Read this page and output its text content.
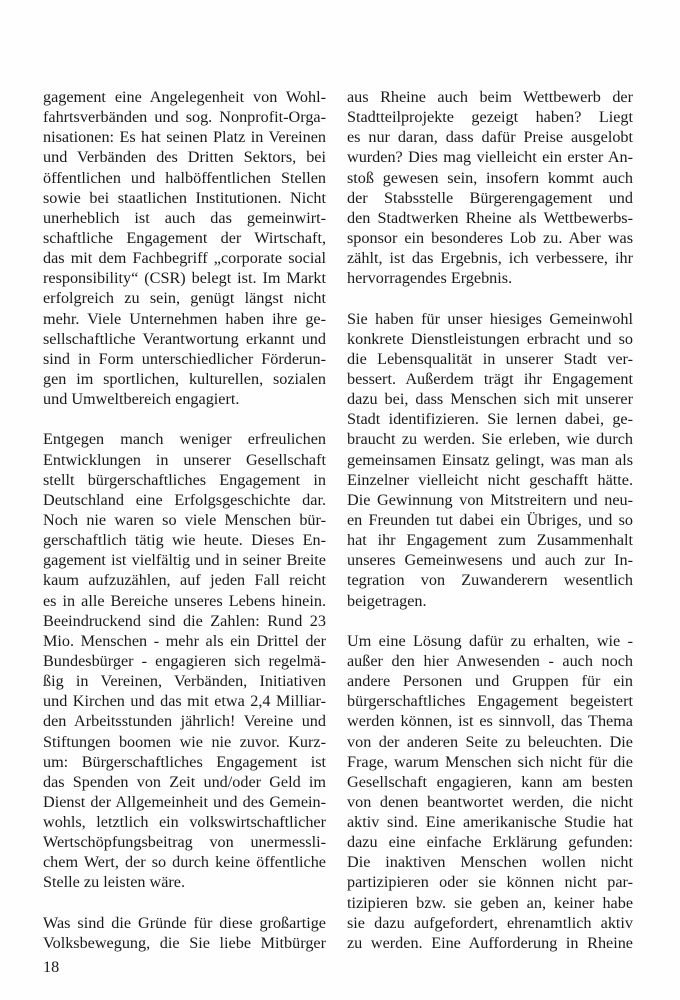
gagement eine Angelegenheit von Wohl-
fahrtsverbänden und sog. Nonprofit-Orga-
nisationen: Es hat seinen Platz in Vereinen
und Verbänden des Dritten Sektors, bei
öffentlichen und halböffentlichen Stellen
sowie bei staatlichen Institutionen. Nicht
unerheblich ist auch das gemeinwirt-
schaftliche Engagement der Wirtschaft,
das mit dem Fachbegriff „corporate social
responsibility“ (CSR) belegt ist. Im Markt
erfolgreich zu sein, genügt längst nicht
mehr. Viele Unternehmen haben ihre ge-
sellschaftliche Verantwortung erkannt und
sind in Form unterschiedlicher Förderun-
gen im sportlichen, kulturellen, sozialen
und Umweltbereich engagiert.
Entgegen manch weniger erfreulichen
Entwicklungen in unserer Gesellschaft
stellt bürgerschaftliches Engagement in
Deutschland eine Erfolgsgeschichte dar.
Noch nie waren so viele Menschen bür-
gerschaftlich tätig wie heute. Dieses En-
gagement ist vielfältig und in seiner Breite
kaum aufzuzählen, auf jeden Fall reicht
es in alle Bereiche unseres Lebens hinein.
Beeindruckend sind die Zahlen: Rund 23
Mio. Menschen - mehr als ein Drittel der
Bundesbürger - engagieren sich regelmä-
ßig in Vereinen, Verbänden, Initiativen
und Kirchen und das mit etwa 2,4 Milliar-
den Arbeitsstunden jährlich! Vereine und
Stiftungen boomen wie nie zuvor. Kurz-
um: Bürgerschaftliches Engagement ist
das Spenden von Zeit und/oder Geld im
Dienst der Allgemeinheit und des Gemein-
wohls, letztlich ein volkswirtschaftlicher
Wertschöpfungsbeitrag von unermessli-
chem Wert, der so durch keine öffentliche
Stelle zu leisten wäre.
Was sind die Gründe für diese großartige
Volksbewegung, die Sie liebe Mitbürger
aus Rheine auch beim Wettbewerb der
Stadtteilprojekte gezeigt haben? Liegt
es nur daran, dass dafür Preise ausgelobt
wurden? Dies mag vielleicht ein erster An-
stoß gewesen sein, insofern kommt auch
der Stabsstelle Bürgerengagement und
den Stadtwerken Rheine als Wettbewerbs-
sponsor ein besonderes Lob zu. Aber was
zählt, ist das Ergebnis, ich verbessere, ihr
hervorragendes Ergebnis.
Sie haben für unser hiesiges Gemeinwohl
konkrete Dienstleistungen erbracht und so
die Lebensqualität in unserer Stadt ver-
bessert. Außerdem trägt ihr Engagement
dazu bei, dass Menschen sich mit unserer
Stadt identifizieren. Sie lernen dabei, ge-
braucht zu werden. Sie erleben, wie durch
gemeinsamen Einsatz gelingt, was man als
Einzelner vielleicht nicht geschafft hätte.
Die Gewinnung von Mitstreitern und neu-
en Freunden tut dabei ein Übriges, und so
hat ihr Engagement zum Zusammenhalt
unseres Gemeinwesens und auch zur In-
tegration von Zuwanderern wesentlich
beigetragen.
Um eine Lösung dafür zu erhalten, wie -
außer den hier Anwesenden - auch noch
andere Personen und Gruppen für ein
bürgerschaftliches Engagement begeistert
werden können, ist es sinnvoll, das Thema
von der anderen Seite zu beleuchten. Die
Frage, warum Menschen sich nicht für die
Gesellschaft engagieren, kann am besten
von denen beantwortet werden, die nicht
aktiv sind. Eine amerikanische Studie hat
dazu eine einfache Erklärung gefunden:
Die inaktiven Menschen wollen nicht
partizipieren oder sie können nicht par-
tizipieren bzw. sie geben an, keiner habe
sie dazu aufgefordert, ehrenamtlich aktiv
zu werden. Eine Aufforderung in Rheine
18
